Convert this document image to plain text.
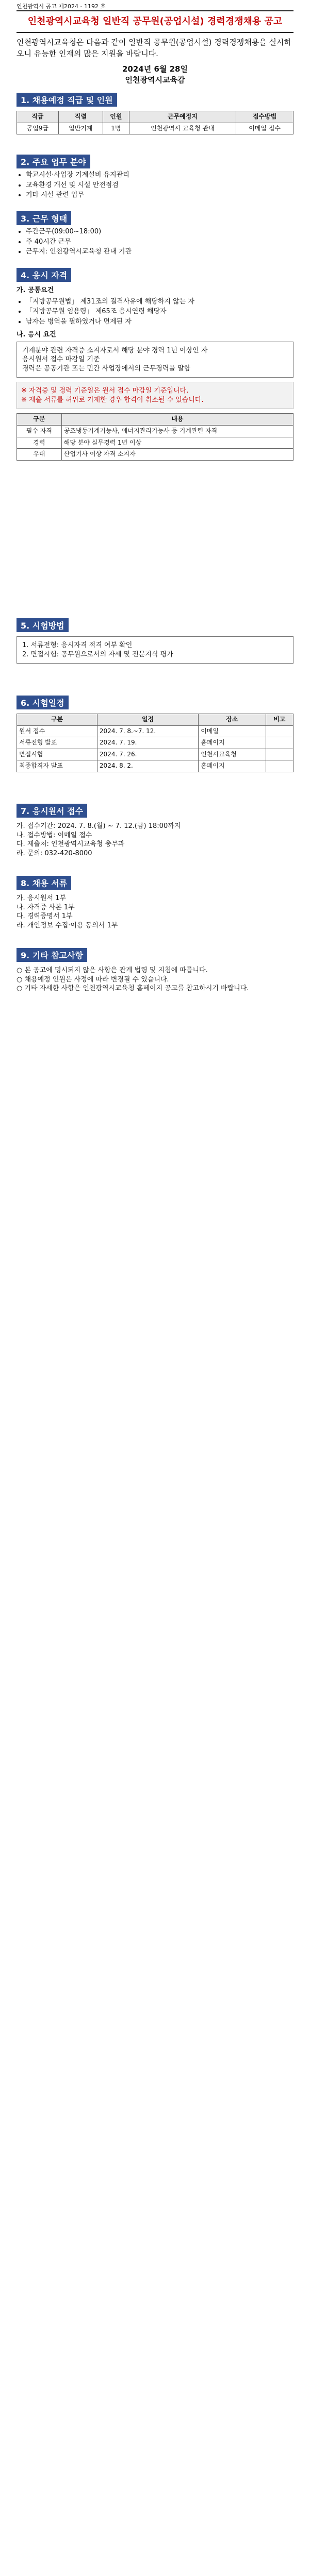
인천광역시 공고 제2024 - 1192 호
인천광역시교육청 일반직 공무원(공업시설) 경력경쟁채용 공고
인천광역시교육청은 다음과 같이 일반직 공무원(공업시설) 경력경쟁채용을 실시하오니 유능한 인재의 많은 지원을 바랍니다.
2024년 6월 28일
인천광역시교육감
1. 채용예정 직급 및 인원
직급	직렬	인원	근무예정지	접수방법
공업9급	일반기계	1명	인천광역시 교육청 관내	이메일 접수
2. 주요 업무 분야
• 학교시설·사업장 기계설비 유지관리
• 교육환경 개선 및 시설 안전점검
• 기타 시설 관련 업무
3. 근무 형태
• 주간근무(09:00~18:00)
• 주 40시간 근무
• 근무지: 인천광역시교육청 관내 기관
4. 응시 자격
가. 공통요건
• 「지방공무원법」 제31조의 결격사유에 해당하지 않는 자
• 「지방공무원 임용령」 제65조 응시연령 해당자
• 남자는 병역을 필하였거나 면제된 자
나. 응시 요건
기계분야 관련 자격증 소지자로서 해당 분야 경력 1년 이상인 자
응시원서 접수 마감일 기준
경력은 공공기관 또는 민간 사업장에서의 근무경력을 말함
※ 자격증 및 경력 기준일은 원서 접수 마감일 기준입니다.
※ 제출 서류를 허위로 기재한 경우 합격이 취소될 수 있습니다.
구분	내용
필수 자격	공조냉동기계기능사, 에너지관리기능사 등 기계관련 자격
경력	해당 분야 실무경력 1년 이상
우대	산업기사 이상 자격 소지자
5. 시험방법
1. 서류전형: 응시자격 적격 여부 확인
2. 면접시험: 공무원으로서의 자세 및 전문지식 평가
6. 시험일정
구분	일정	장소	비고
원서 접수	2024. 7. 8.~7. 12.	이메일	
서류전형 발표	2024. 7. 19.	홈페이지	
면접시험	2024. 7. 26.	인천시교육청	
최종합격자 발표	2024. 8. 2.	홈페이지	
7. 응시원서 접수
가. 접수기간: 2024. 7. 8.(월) ~ 7. 12.(금) 18:00까지
나. 접수방법: 이메일 접수
다. 제출처: 인천광역시교육청 총무과
라. 문의: 032-420-8000
8. 채용 서류
가. 응시원서 1부
나. 자격증 사본 1부
다. 경력증명서 1부
라. 개인정보 수집·이용 동의서 1부
9. 기타 참고사항
○ 본 공고에 명시되지 않은 사항은 관계 법령 및 지침에 따릅니다.
○ 채용예정 인원은 사정에 따라 변경될 수 있습니다.
○ 기타 자세한 사항은 인천광역시교육청 홈페이지 공고를 참고하시기 바랍니다.
